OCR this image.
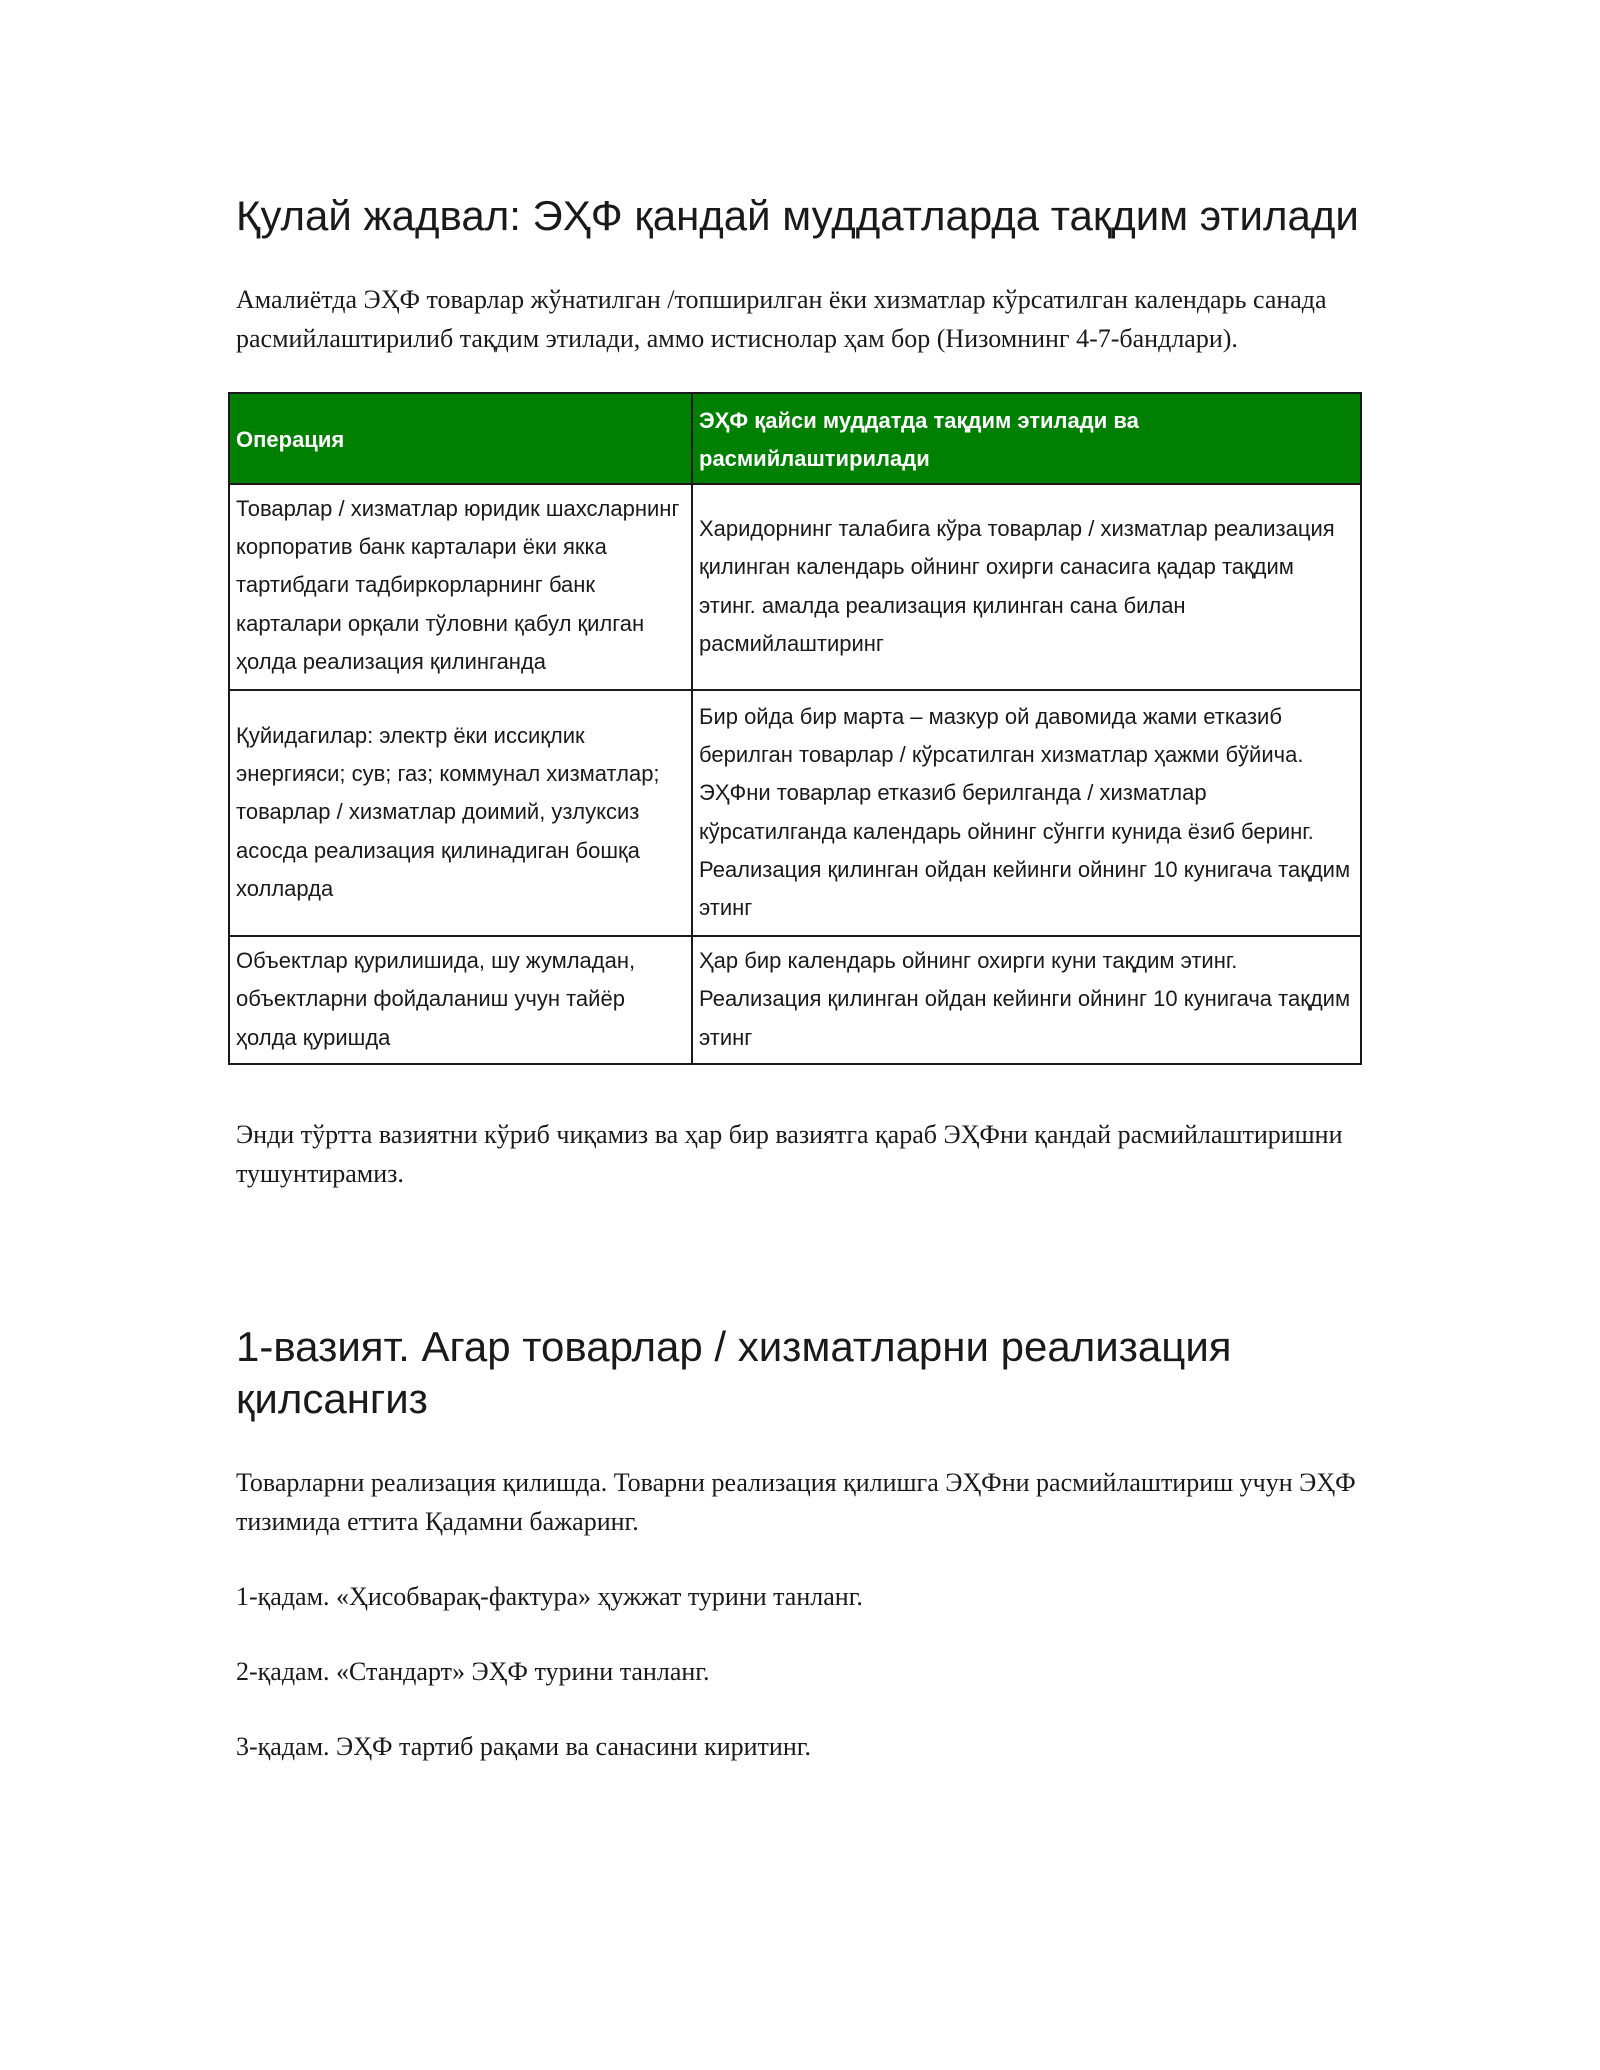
Қулай жадвал: ЭҲФ қандай муддатларда тақдим этилади

Амалиётда ЭҲФ товарлар жўнатилган /топширилган ёки хизматлар кўрсатилган календарь санада расмийлаштирилиб тақдим этилади, аммо истиснолар ҳам бор (Низомнинг 4-7-бандлари).

Операция	ЭҲФ қайси муддатда тақдим этилади ва расмийлаштирилади
Товарлар / хизматлар юридик шахсларнинг корпоратив банк карталари ёки якка тартибдаги тадбиркорларнинг банк карталари орқали тўловни қабул қилган ҳолда реализация қилинганда	Харидорнинг талабига кўра товарлар / хизматлар реализация қилинган календарь ойнинг охирги санасига қадар тақдим этинг. амалда реализация қилинган сана билан расмийлаштиринг
Қуйидагилар: электр ёки иссиқлик энергияси; сув; газ; коммунал хизматлар; товарлар / хизматлар доимий, узлуксиз асосда реализация қилинадиган бошқа холларда	Бир ойда бир марта – мазкур ой давомида жами етказиб берилган товарлар / кўрсатилган хизматлар ҳажми бўйича. ЭҲФни товарлар етказиб берилганда / хизматлар кўрсатилганда календарь ойнинг сўнгги кунида ёзиб беринг. Реализация қилинган ойдан кейинги ойнинг 10 кунигача тақдим этинг
Объектлар қурилишида, шу жумладан, объектларни фойдаланиш учун тайёр ҳолда қуришда	Ҳар бир календарь ойнинг охирги куни тақдим этинг. Реализация қилинган ойдан кейинги ойнинг 10 кунигача тақдим этинг

Энди тўртта вазиятни кўриб чиқамиз ва ҳар бир вазиятга қараб ЭҲФни қандай расмийлаштиришни тушунтирамиз.

1-вазият. Агар товарлар / хизматларни реализация қилсангиз

Товарларни реализация қилишда. Товарни реализация қилишга ЭҲФни расмийлаштириш учун ЭҲФ тизимида еттита Қадамни бажаринг.

1-қадам. «Ҳисобварақ-фактура» ҳужжат турини танланг.

2-қадам. «Стандарт» ЭҲФ турини танланг.

3-қадам. ЭҲФ тартиб рақами ва санасини киритинг.
